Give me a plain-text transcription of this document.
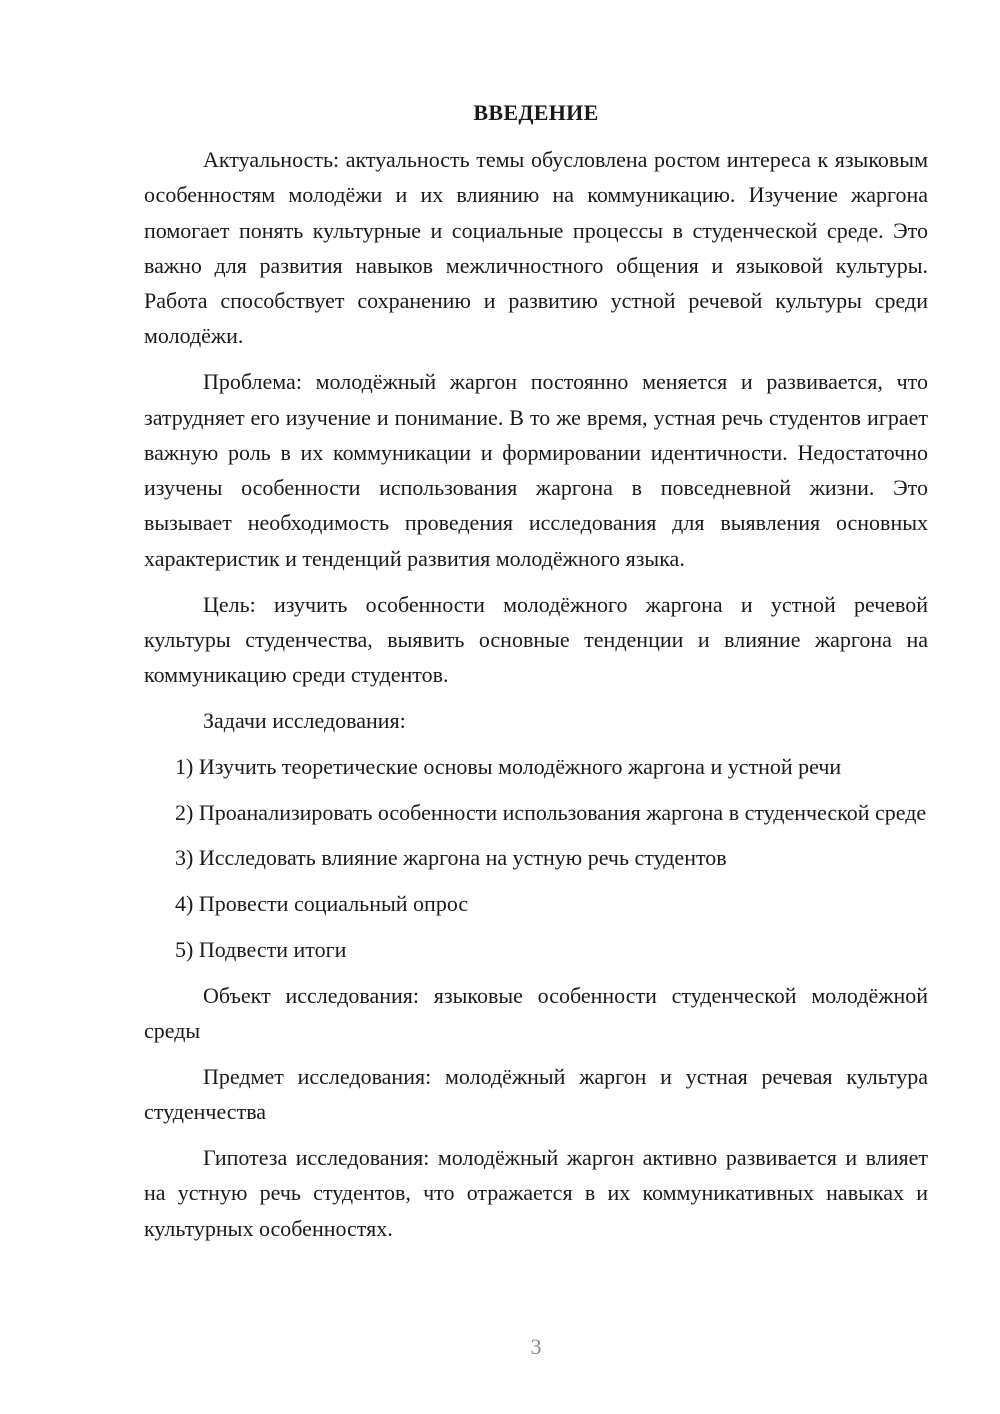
ВВЕДЕНИЕ

Актуальность: актуальность темы обусловлена ростом интереса к языковым особенностям молодёжи и их влиянию на коммуникацию. Изучение жаргона помогает понять культурные и социальные процессы в студенческой среде. Это важно для развития навыков межличностного общения и языковой культуры. Работа способствует сохранению и развитию устной речевой культуры среди молодёжи.

Проблема: молодёжный жаргон постоянно меняется и развивается, что затрудняет его изучение и понимание. В то же время, устная речь студентов играет важную роль в их коммуникации и формировании идентичности. Недостаточно изучены особенности использования жаргона в повседневной жизни. Это вызывает необходимость проведения исследования для выявления основных характеристик и тенденций развития молодёжного языка.

Цель: изучить особенности молодёжного жаргона и устной речевой культуры студенчества, выявить основные тенденции и влияние жаргона на коммуникацию среди студентов.

Задачи исследования:

1) Изучить теоретические основы молодёжного жаргона и устной речи

2) Проанализировать особенности использования жаргона в студенческой среде

3) Исследовать влияние жаргона на устную речь студентов

4) Провести социальный опрос

5) Подвести итоги

Объект исследования: языковые особенности студенческой молодёжной среды

Предмет исследования: молодёжный жаргон и устная речевая культура студенчества

Гипотеза исследования: молодёжный жаргон активно развивается и влияет на устную речь студентов, что отражается в их коммуникативных навыках и культурных особенностях.

3
